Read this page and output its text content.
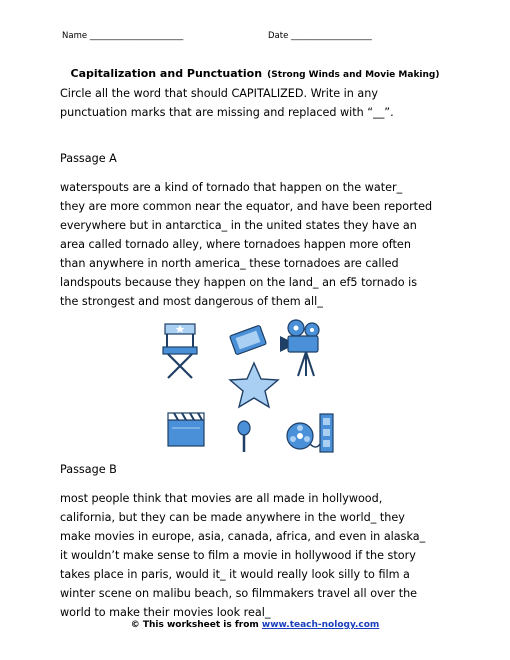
Name ______________________	Date ___________________
Capitalization and Punctuation (Strong Winds and Movie Making)
Circle all the word that should CAPITALIZED. Write in any
punctuation marks that are missing and replaced with “__”.
Passage A
waterspouts are a kind of tornado that happen on the water_
they are more common near the equator, and have been reported
everywhere but in antarctica_ in the united states they have an
area called tornado alley, where tornadoes happen more often
than anywhere in north america_ these tornadoes are called
landspouts because they happen on the land_ an ef5 tornado is
the strongest and most dangerous of them all_
Passage B
most people think that movies are all made in hollywood,
california, but they can be made anywhere in the world_ they
make movies in europe, asia, canada, africa, and even in alaska_
it wouldn’t make sense to film a movie in hollywood if the story
takes place in paris, would it_ it would really look silly to film a
winter scene on malibu beach, so filmmakers travel all over the
world to make their movies look real_
© This worksheet is from www.teach-nology.com
